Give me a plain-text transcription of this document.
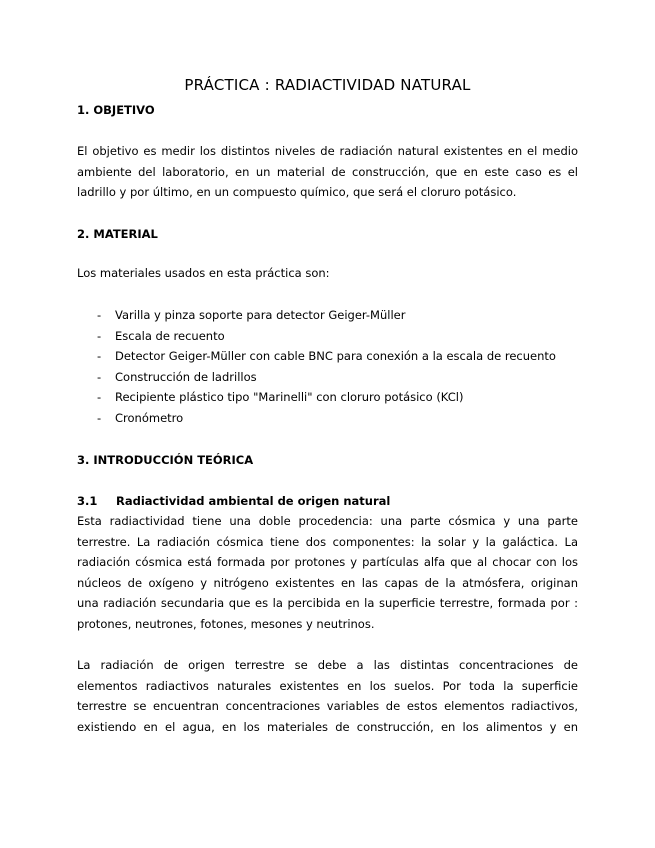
PRÁCTICA : RADIACTIVIDAD NATURAL
1. OBJETIVO
El objetivo es medir los distintos niveles de radiación natural existentes en el medio
ambiente del laboratorio, en un material de construcción, que en este caso es el
ladrillo y por último, en un compuesto químico, que será el cloruro potásico.
2. MATERIAL
Los materiales usados en esta práctica son:
- Varilla y pinza soporte para detector Geiger-Müller
- Escala de recuento
- Detector Geiger-Müller con cable BNC para conexión a la escala de recuento
- Construcción de ladrillos
- Recipiente plástico tipo "Marinelli" con cloruro potásico (KCl)
- Cronómetro
3. INTRODUCCIÓN TEÓRICA
3.1 Radiactividad ambiental de origen natural
Esta radiactividad tiene una doble procedencia: una parte cósmica y una parte
terrestre. La radiación cósmica tiene dos componentes: la solar y la galáctica. La
radiación cósmica está formada por protones y partículas alfa que al chocar con los
núcleos de oxígeno y nitrógeno existentes en las capas de la atmósfera, originan
una radiación secundaria que es la percibida en la superficie terrestre, formada por :
protones, neutrones, fotones, mesones y neutrinos.
La radiación de origen terrestre se debe a las distintas concentraciones de
elementos radiactivos naturales existentes en los suelos. Por toda la superficie
terrestre se encuentran concentraciones variables de estos elementos radiactivos,
existiendo en el agua, en los materiales de construcción, en los alimentos y en
